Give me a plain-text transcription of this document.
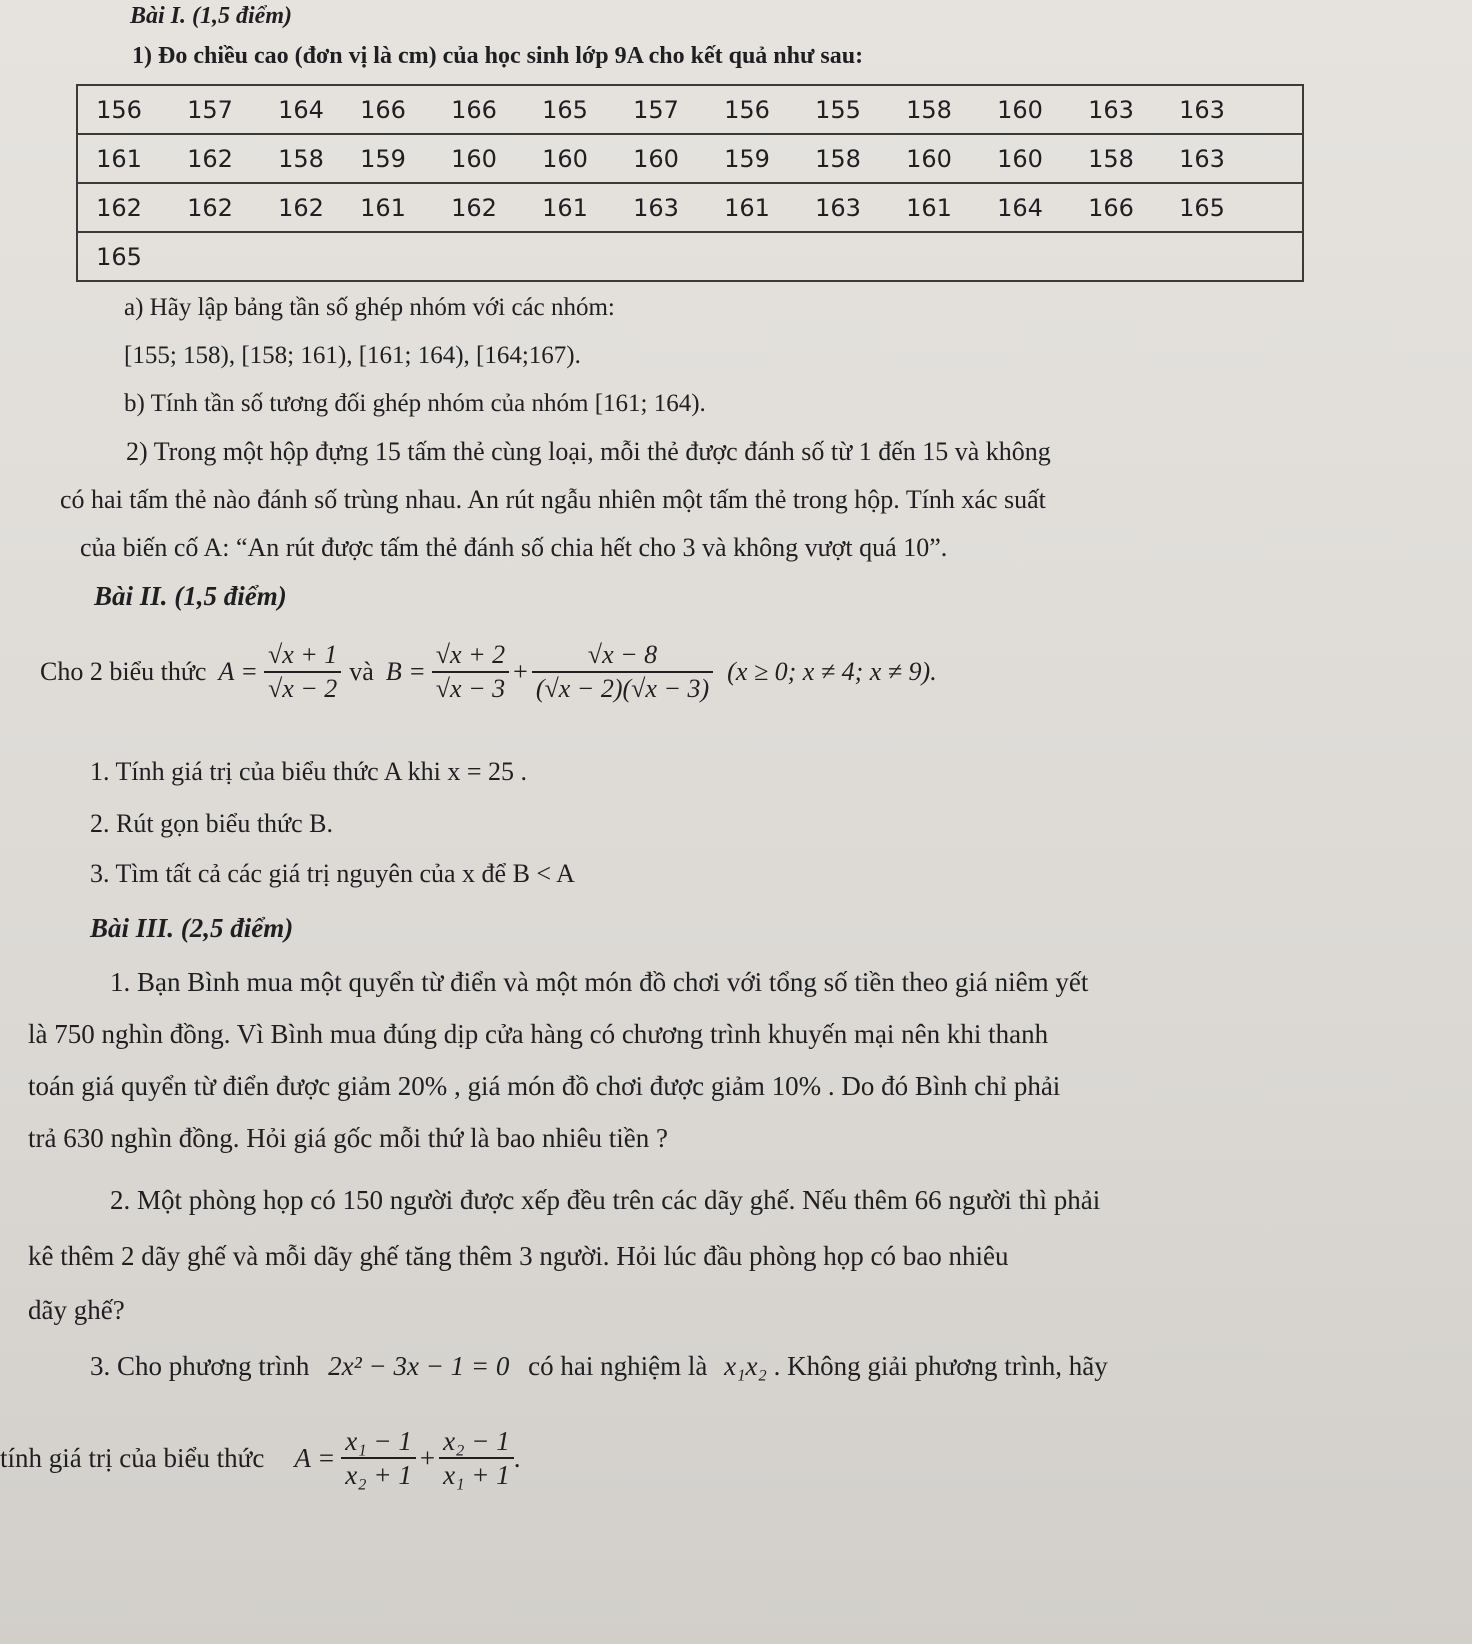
Bài I. (1,5 điểm)
1) Đo chiều cao (đơn vị là cm) của học sinh lớp 9A cho kết quả như sau:
156 157 164 166 166 165 157 156 155 158 160 163 163
161 162 158 159 160 160 160 159 158 160 160 158 163
162 162 162 161 162 161 163 161 163 161 164 166 165
165
a) Hãy lập bảng tần số ghép nhóm với các nhóm:
[155; 158), [158; 161), [161; 164), [164;167).
b) Tính tần số tương đối ghép nhóm của nhóm [161; 164).
2) Trong một hộp đựng 15 tấm thẻ cùng loại, mỗi thẻ được đánh số từ 1 đến 15 và không
có hai tấm thẻ nào đánh số trùng nhau. An rút ngẫu nhiên một tấm thẻ trong hộp. Tính xác suất
của biến cố A: “An rút được tấm thẻ đánh số chia hết cho 3 và không vượt quá 10”.
Bài II. (1,5 điểm)
Cho 2 biểu thức $A = \frac{√x + 1}{√x - 2}$ và $B = \frac{√x + 2}{√x - 3} + \frac{√x - 8}{(√x - 2)(√x - 3)} (x \ge 0$; x ≠ 4; x ≠ 9).
1. Tính giá trị của biểu thức A khi x = 25 .
2. Rút gọn biểu thức B.
3. Tìm tất cả các giá trị nguyên của x để B < A
Bài III. (2,5 điểm)
1. Bạn Bình mua một quyển từ điển và một món đồ chơi với tổng số tiền theo giá niêm yết
là 750 nghìn đồng. Vì Bình mua đúng dịp cửa hàng có chương trình khuyến mại nên khi thanh
toán giá quyển từ điển được giảm 20% , giá món đồ chơi được giảm 10% . Do đó Bình chỉ phải
trả 630 nghìn đồng. Hỏi giá gốc mỗi thứ là bao nhiêu tiền ?
2. Một phòng họp có 150 người được xếp đều trên các dãy ghế. Nếu thêm 66 người thì phải
kê thêm 2 dãy ghế và mỗi dãy ghế tăng thêm 3 người. Hỏi lúc đầu phòng họp có bao nhiêu
dãy ghế?
3. Cho phương trình 2x² − 3x − 1 = 0 có hai nghiệm là x₁x₂ . Không giải phương trình, hãy
tính giá trị của biểu thức $A = \frac{\text{x₁ − 1}}{\text{x₂ + 1}} + \frac{\text{x₂ − 1}}{\text{x₁ + 1}}$ .
